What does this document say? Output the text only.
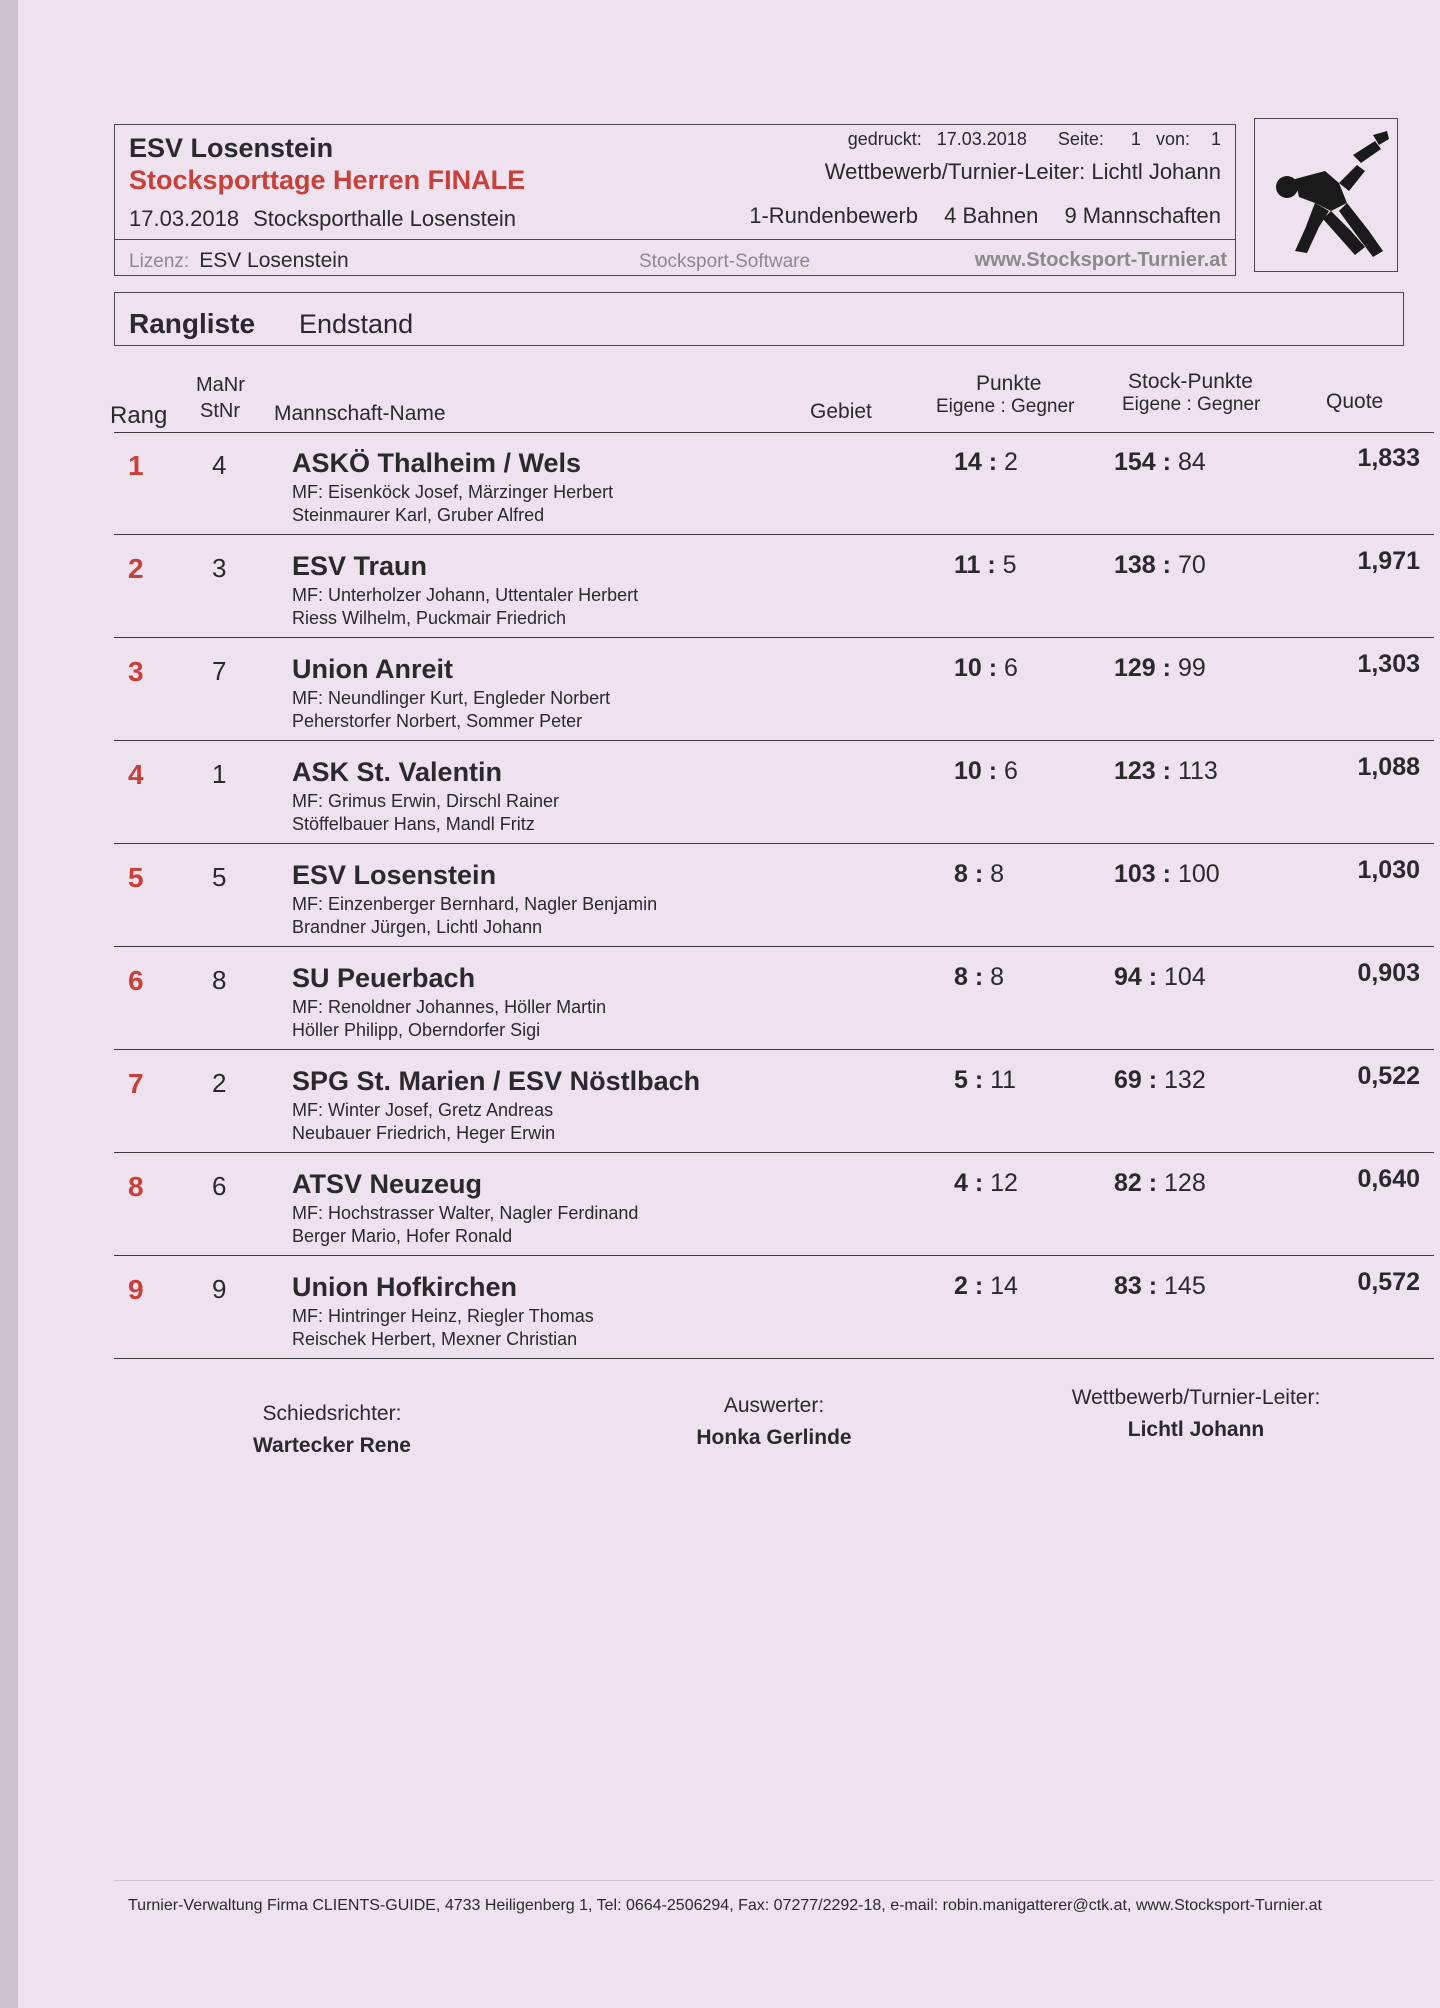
ESV Losenstein
Stocksporttage Herren FINALE
17.03.2018 Stocksporthalle Losenstein
gedruckt: 17.03.2018 Seite: 1 von: 1
Wettbewerb/Turnier-Leiter: Lichtl Johann
1-Rundenbewerb 4 Bahnen 9 Mannschaften
Lizenz: ESV Losenstein	Stocksport-Software	www.Stocksport-Turnier.at
Rangliste Endstand
Rang
MaNr
StNr Mannschaft-Name	Gebiet
Punkte
Eigene : Gegner
Stock-Punkte
Eigene : Gegner	Quote
1	4 ASKÖ Thalheim / Wels
MF: Eisenköck Josef, Märzinger Herbert
Steinmaurer Karl, Gruber Alfred
14 : 2	154 : 84	1,833
2	3 ESV Traun
MF: Unterholzer Johann, Uttentaler Herbert
Riess Wilhelm, Puckmair Friedrich
11 : 5	138 : 70	1,971
3	7 Union Anreit
MF: Neundlinger Kurt, Engleder Norbert
Peherstorfer Norbert, Sommer Peter
10 : 6	129 : 99	1,303
4	1 ASK St. Valentin
MF: Grimus Erwin, Dirschl Rainer
Stöffelbauer Hans, Mandl Fritz
10 : 6	123 : 113	1,088
5	5 ESV Losenstein
MF: Einzenberger Bernhard, Nagler Benjamin
Brandner Jürgen, Lichtl Johann
8 : 8	103 : 100	1,030
6	8 SU Peuerbach
MF: Renoldner Johannes, Höller Martin
Höller Philipp, Oberndorfer Sigi
8 : 8	94 : 104	0,903
7	2 SPG St. Marien / ESV Nöstlbach
MF: Winter Josef, Gretz Andreas
Neubauer Friedrich, Heger Erwin
5 : 11	69 : 132	0,522
8	6 ATSV Neuzeug
MF: Hochstrasser Walter, Nagler Ferdinand
Berger Mario, Hofer Ronald
4 : 12	82 : 128	0,640
9	9 Union Hofkirchen
MF: Hintringer Heinz, Riegler Thomas
Reischek Herbert, Mexner Christian
2 : 14	83 : 145	0,572
Schiedsrichter:
Wartecker Rene
Auswerter:
Honka Gerlinde
Wettbewerb/Turnier-Leiter:
Lichtl Johann
Turnier-Verwaltung Firma CLIENTS-GUIDE, 4733 Heiligenberg 1, Tel: 0664-2506294, Fax: 07277/2292-18, e-mail: robin.manigatterer@ctk.at, www.Stocksport-Turnier.at
